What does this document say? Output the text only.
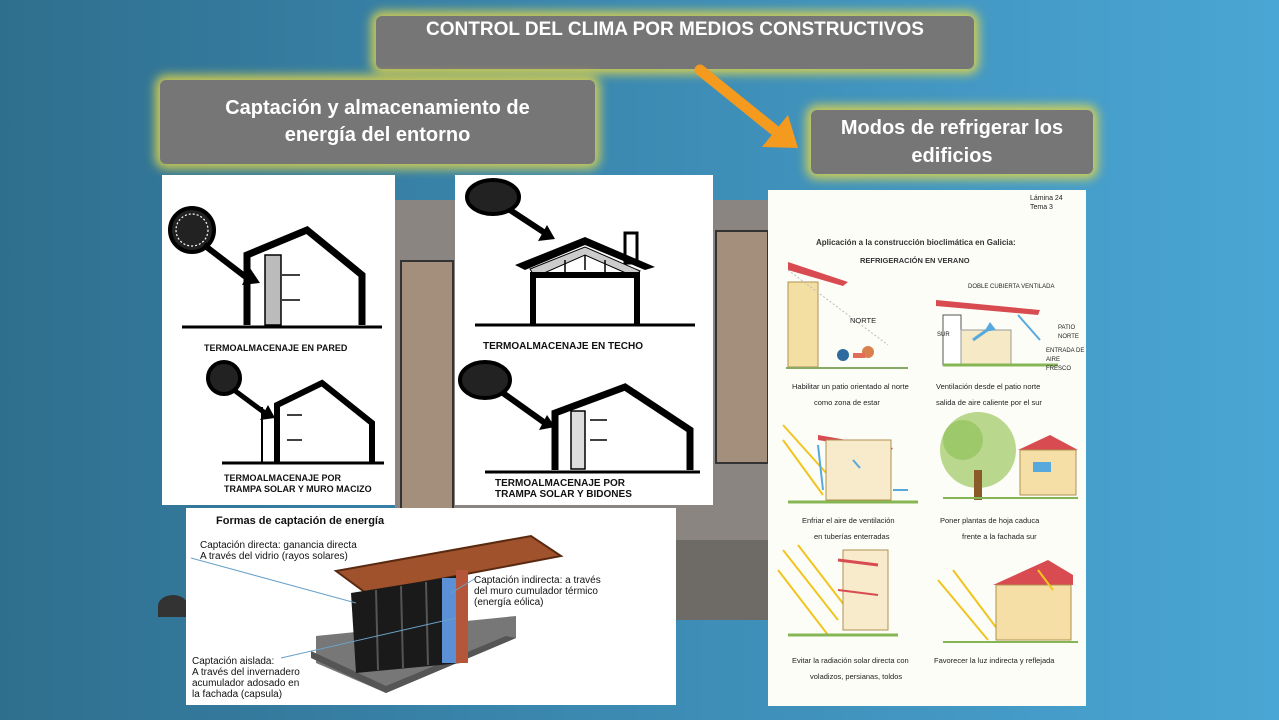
CONTROL DEL CLIMA POR MEDIOS CONSTRUCTIVOS
Captación y almacenamiento de energía del entorno	Modos de refrigerar los edificios
TERMOALMACENAJE EN PARED
TERMOALMACENAJE POR
TRAMPA SOLAR Y MURO MACIZO
TERMOALMACENAJE EN TECHO
TERMOALMACENAJE POR
TRAMPA SOLAR Y BIDONES
Formas de captación de energía
Captación directa: ganancia directa
A través del vidrio (rayos solares)
Captación indirecta: a través
del muro cumulador térmico
(energía eólica)
Captación aislada:
A través del invernadero
acumulador adosado en
la fachada (capsula)
Lámina 24
Tema 3
Aplicación a la construcción bioclimática en Galicia:
REFRIGERACIÓN EN VERANO
NORTE
DOBLE CUBIERTA VENTILADA
PATIO
NORTE
SUR
ENTRADA DE
AIRE FRESCO
Habilitar un patio orientado al norte
como zona de estar
Ventilación desde el patio norte
salida de aire caliente por el sur
Enfriar el aire de ventilación
en tuberías enterradas
Poner plantas de hoja caduca
frente a la fachada sur
Evitar la radiación solar directa con
voladizos, persianas, toldos
Favorecer la luz indirecta y reflejada
